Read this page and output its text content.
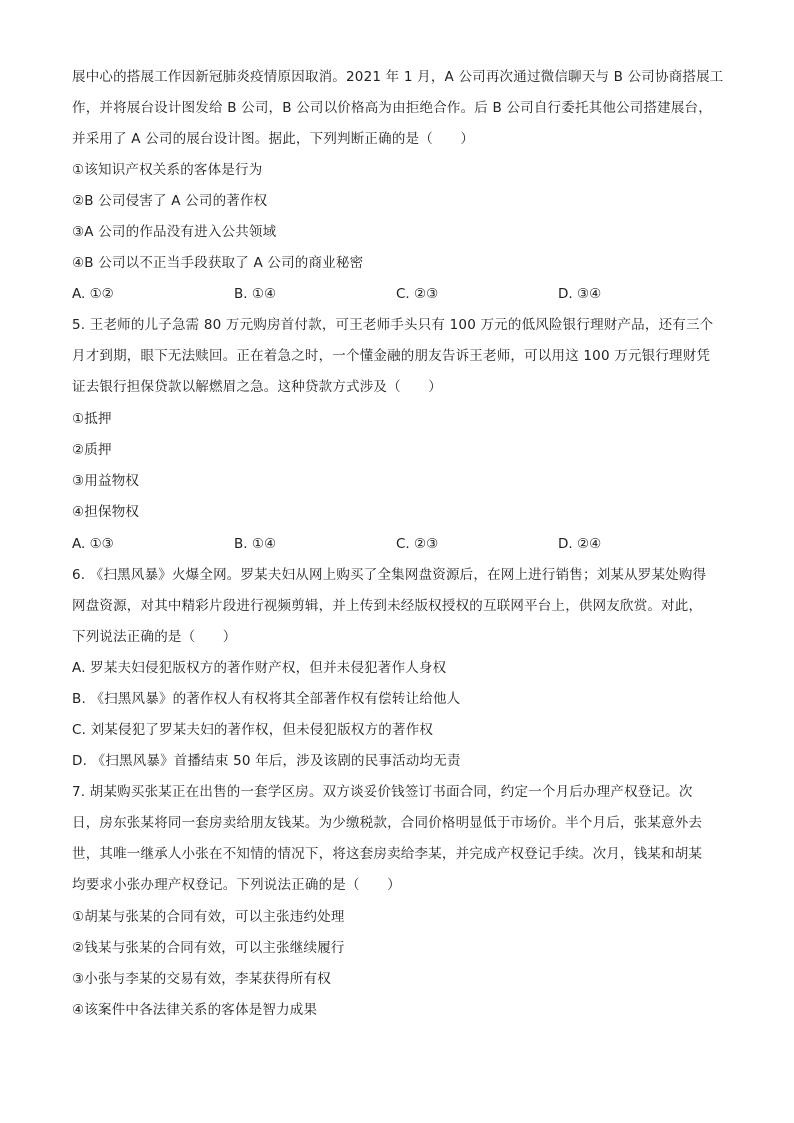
展中心的搭展工作因新冠肺炎疫情原因取消。2021 年 1 月，A 公司再次通过微信聊天与 B 公司协商搭展工
作，并将展台设计图发给 B 公司，B 公司以价格高为由拒绝合作。后 B 公司自行委托其他公司搭建展台，
并采用了 A 公司的展台设计图。据此，下列判断正确的是（　　）
①该知识产权关系的客体是行为
②B 公司侵害了 A 公司的著作权
③A 公司的作品没有进入公共领域
④B 公司以不正当手段获取了 A 公司的商业秘密
A. ①②	B. ①④	C. ②③	D. ③④
5. 王老师的儿子急需 80 万元购房首付款，可王老师手头只有 100 万元的低风险银行理财产品，还有三个
月才到期，眼下无法赎回。正在着急之时，一个懂金融的朋友告诉王老师，可以用这 100 万元银行理财凭
证去银行担保贷款以解燃眉之急。这种贷款方式涉及（　　）
①抵押
②质押
③用益物权
④担保物权
A. ①③	B. ①④	C. ②③	D. ②④
6. 《扫黑风暴》火爆全网。罗某夫妇从网上购买了全集网盘资源后，在网上进行销售；刘某从罗某处购得
网盘资源，对其中精彩片段进行视频剪辑，并上传到未经版权授权的互联网平台上，供网友欣赏。对此，
下列说法正确的是（　　）
A. 罗某夫妇侵犯版权方的著作财产权，但并未侵犯著作人身权
B. 《扫黑风暴》的著作权人有权将其全部著作权有偿转让给他人
C. 刘某侵犯了罗某夫妇的著作权，但未侵犯版权方的著作权
D. 《扫黑风暴》首播结束 50 年后，涉及该剧的民事活动均无责
7. 胡某购买张某正在出售的一套学区房。双方谈妥价钱签订书面合同，约定一个月后办理产权登记。次
日，房东张某将同一套房卖给朋友钱某。为少缴税款，合同价格明显低于市场价。半个月后，张某意外去
世，其唯一继承人小张在不知情的情况下，将这套房卖给李某，并完成产权登记手续。次月，钱某和胡某
均要求小张办理产权登记。下列说法正确的是（　　）
①胡某与张某的合同有效，可以主张违约处理
②钱某与张某的合同有效，可以主张继续履行
③小张与李某的交易有效，李某获得所有权
④该案件中各法律关系的客体是智力成果
